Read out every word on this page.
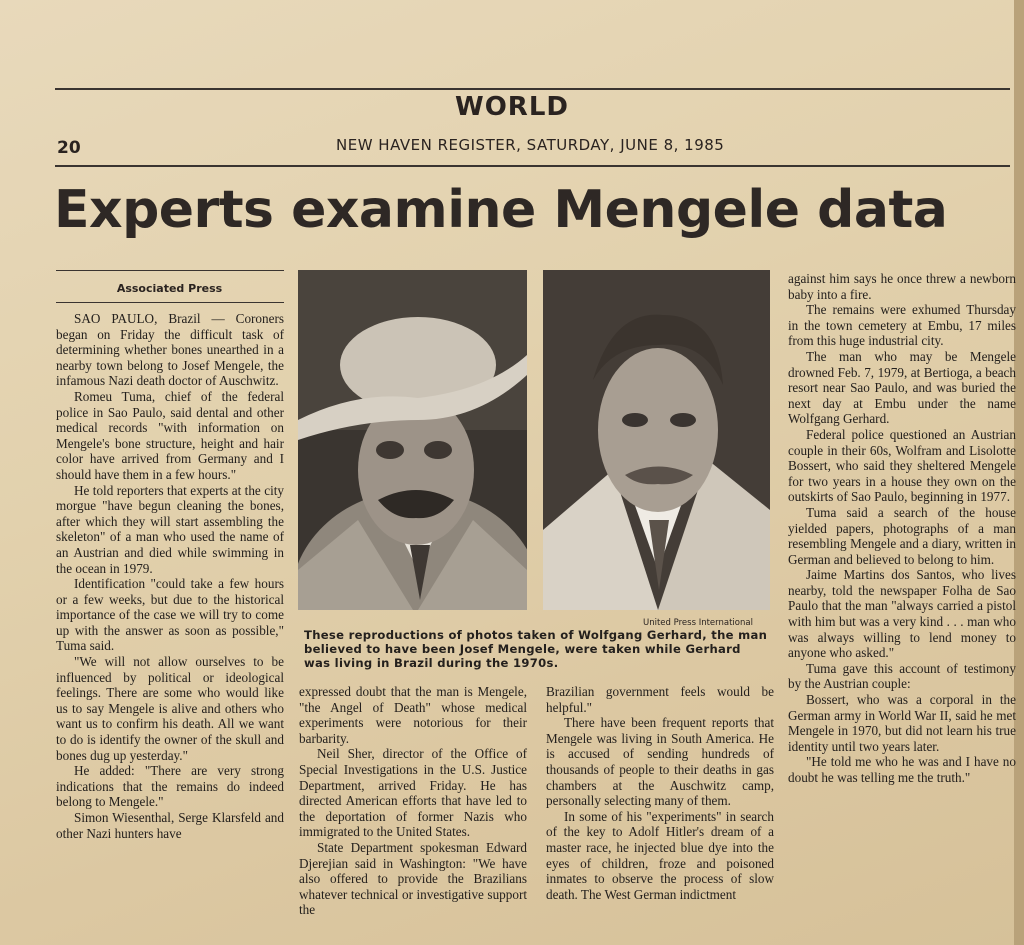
WORLD
20	NEW HAVEN REGISTER, SATURDAY, JUNE 8, 1985
Experts examine Mengele data
Associated Press

SAO PAULO, Brazil — Coroners began on Friday the difficult task of determining whether bones unearthed in a nearby town belong to Josef Mengele, the infamous Nazi death doctor of Auschwitz.

Romeu Tuma, chief of the federal police in Sao Paulo, said dental and other medical records "with information on Mengele's bone structure, height and hair color have arrived from Germany and I should have them in a few hours."

He told reporters that experts at the city morgue "have begun cleaning the bones, after which they will start assembling the skeleton" of a man who used the name of an Austrian and died while swimming in the ocean in 1979.

Identification "could take a few hours or a few weeks, but due to the historical importance of the case we will try to come up with the answer as soon as possible," Tuma said.

"We will not allow ourselves to be influenced by political or ideological feelings. There are some who would like us to say Mengele is alive and others who want us to confirm his death. All we want to do is identify the owner of the skull and bones dug up yesterday."

He added: "There are very strong indications that the remains do indeed belong to Mengele."

Simon Wiesenthal, Serge Klarsfeld and other Nazi hunters have

United Press International
These reproductions of photos taken of Wolfgang Gerhard, the man believed to have been Josef Mengele, were taken while Gerhard was living in Brazil during the 1970s.

expressed doubt that the man is Mengele, "the Angel of Death" whose medical experiments were notorious for their barbarity.

Neil Sher, director of the Office of Special Investigations in the U.S. Justice Department, arrived Friday. He has directed American efforts that have led to the deportation of former Nazis who immigrated to the United States.

State Department spokesman Edward Djerejian said in Washington: "We have also offered to provide the Brazilians whatever technical or investigative support the

Brazilian government feels would be helpful."

There have been frequent reports that Mengele was living in South America. He is accused of sending hundreds of thousands of people to their deaths in gas chambers at the Auschwitz camp, personally selecting many of them.

In some of his "experiments" in search of the key to Adolf Hitler's dream of a master race, he injected blue dye into the eyes of children, froze and poisoned inmates to observe the process of slow death. The West German indictment

against him says he once threw a newborn baby into a fire.

The remains were exhumed Thursday in the town cemetery at Embu, 17 miles from this huge industrial city.

The man who may be Mengele drowned Feb. 7, 1979, at Bertioga, a beach resort near Sao Paulo, and was buried the next day at Embu under the name Wolfgang Gerhard.

Federal police questioned an Austrian couple in their 60s, Wolfram and Lisolotte Bossert, who said they sheltered Mengele for two years in a house they own on the outskirts of Sao Paulo, beginning in 1977.

Tuma said a search of the house yielded papers, photographs of a man resembling Mengele and a diary, written in German and believed to belong to him.

Jaime Martins dos Santos, who lives nearby, told the newspaper Folha de Sao Paulo that the man "always carried a pistol with him but was a very kind . . . man who was always willing to lend money to anyone who asked."

Tuma gave this account of testimony by the Austrian couple:

Bossert, who was a corporal in the German army in World War II, said he met Mengele in 1970, but did not learn his true identity until two years later.

"He told me who he was and I have no doubt he was telling me the truth."
